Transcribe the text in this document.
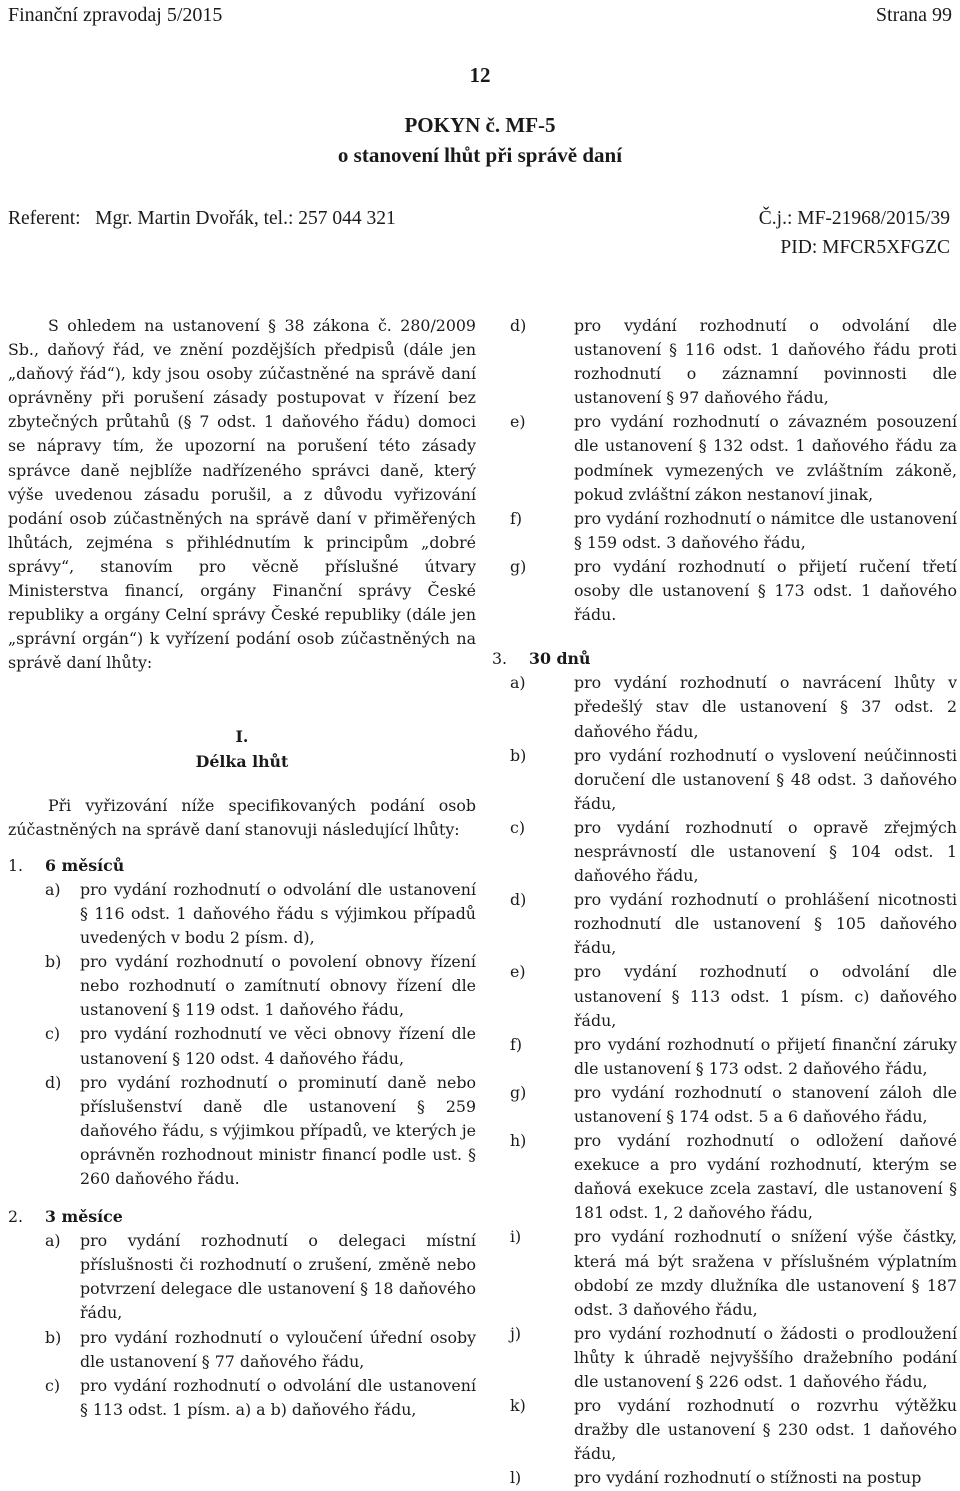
Finanční zpravodaj 5/2015	Strana 99
12
POKYN č. MF-5
o stanovení lhůt při správě daní
Referent:   Mgr. Martin Dvořák, tel.: 257 044 321	Č.j.: MF-21968/2015/39
PID: MFCR5XFGZC

S ohledem na ustanovení § 38 zákona č. 280/2009 Sb., daňový řád, ve znění pozdějších předpisů (dále jen „daňový řád“), kdy jsou osoby zúčastněné na správě daní oprávněny při porušení zásady postupovat v řízení bez zbytečných průtahů (§ 7 odst. 1 daňového řádu) domoci se nápravy tím, že upozorní na porušení této zásady správce daně nejblíže nadřízeného správci daně, který výše uvedenou zásadu porušil, a z důvodu vyřizování podání osob zúčastněných na správě daní v přiměřených lhůtách, zejména s přihlédnutím k principům „dobré správy“, stanovím pro věcně příslušné útvary Ministerstva financí, orgány Finanční správy České republiky a orgány Celní správy České republiky (dále jen „správní orgán“) k vyřízení podání osob zúčastněných na správě daní lhůty:

I.

Délka lhůt

Při vyřizování níže specifikovaných podání osob zúčastněných na správě daní stanovuji následující lhůty:

1. 6 měsíců
a) pro vydání rozhodnutí o odvolání dle ustanovení § 116 odst. 1 daňového řádu s výjimkou případů uvedených v bodu 2 písm. d),
b) pro vydání rozhodnutí o povolení obnovy řízení nebo rozhodnutí o zamítnutí obnovy řízení dle ustanovení § 119 odst. 1 daňového řádu,
c) pro vydání rozhodnutí ve věci obnovy řízení dle ustanovení § 120 odst. 4 daňového řádu,
d) pro vydání rozhodnutí o prominutí daně nebo příslušenství daně dle ustanovení § 259 daňového řádu, s výjimkou případů, ve kterých je oprávněn rozhodnout ministr financí podle ust. § 260 daňového řádu.
2. 3 měsíce
a) pro vydání rozhodnutí o delegaci místní příslušnosti či rozhodnutí o zrušení, změně nebo potvrzení delegace dle ustanovení § 18 daňového řádu,
b) pro vydání rozhodnutí o vyloučení úřední osoby dle ustanovení § 77 daňového řádu,
c) pro vydání rozhodnutí o odvolání dle ustanovení § 113 odst. 1 písm. a) a b) daňového řádu,
d)	pro vydání rozhodnutí o odvolání dle ustanovení § 116 odst. 1 daňového řádu proti rozhodnutí o záznamní povinnosti dle ustanovení § 97 daňového řádu,
e)	pro vydání rozhodnutí o závazném posouzení dle ustanovení § 132 odst. 1 daňového řádu za podmínek vymezených ve zvláštním zákoně, pokud zvláštní zákon nestanoví jinak,
f)	pro vydání rozhodnutí o námitce dle ustanovení § 159 odst. 3 daňového řádu,
g)	pro vydání rozhodnutí o přijetí ručení třetí osoby dle ustanovení § 173 odst. 1 daňového řádu.
3. 30 dnů
a)	pro vydání rozhodnutí o navrácení lhůty v předešlý stav dle ustanovení § 37 odst. 2 daňového řádu,
b)	pro vydání rozhodnutí o vyslovení neúčinnosti doručení dle ustanovení § 48 odst. 3 daňového řádu,
c)	pro vydání rozhodnutí o opravě zřejmých nesprávností dle ustanovení § 104 odst. 1 daňového řádu,
d)	pro vydání rozhodnutí o prohlášení nicotnosti rozhodnutí dle ustanovení § 105 daňového řádu,
e)	pro vydání rozhodnutí o odvolání dle ustanovení § 113 odst. 1 písm. c) daňového řádu,
f)	pro vydání rozhodnutí o přijetí finanční záruky dle ustanovení § 173 odst. 2 daňového řádu,
g)	pro vydání rozhodnutí o stanovení záloh dle ustanovení § 174 odst. 5 a 6 daňového řádu,
h)	pro vydání rozhodnutí o odložení daňové exekuce a pro vydání rozhodnutí, kterým se daňová exekuce zcela zastaví, dle ustanovení § 181 odst. 1, 2 daňového řádu,
i)	pro vydání rozhodnutí o snížení výše částky, která má být sražena v příslušném výplatním období ze mzdy dlužníka dle ustanovení § 187 odst. 3 daňového řádu,
j)	pro vydání rozhodnutí o žádosti o prodloužení lhůty k úhradě nejvyššího dražebního podání dle ustanovení § 226 odst. 1 daňového řádu,
k)	pro vydání rozhodnutí o rozvrhu výtěžku dražby dle ustanovení § 230 odst. 1 daňového řádu,
l)	pro vydání rozhodnutí o stížnosti na postup
